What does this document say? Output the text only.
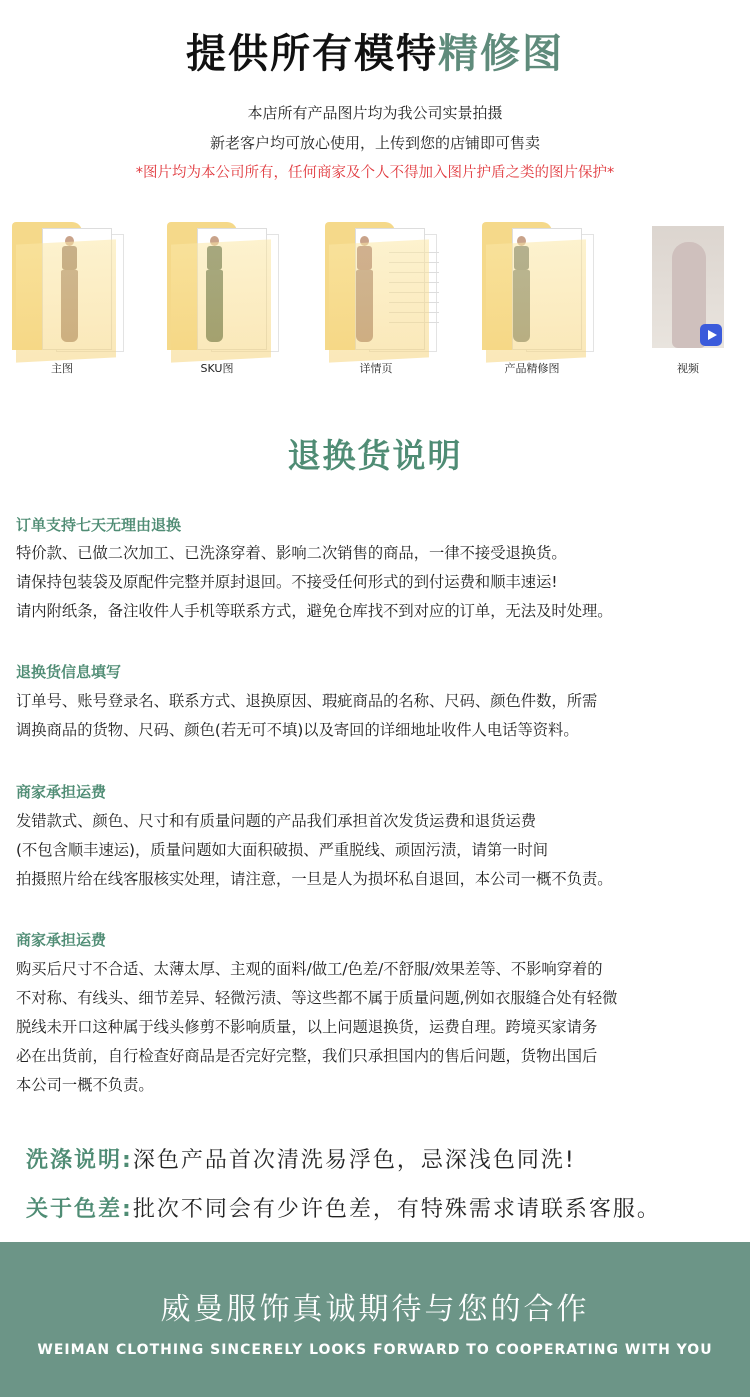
提供所有模特精修图
本店所有产品图片均为我公司实景拍摄
新老客户均可放心使用，上传到您的店铺即可售卖
*图片均为本公司所有，任何商家及个人不得加入图片护盾之类的图片保护*
主图	SKU图	详情页	产品精修图	视频
退换货说明
订单支持七天无理由退换
特价款、已做二次加工、已洗涤穿着、影响二次销售的商品，一律不接受退换货。
请保持包装袋及原配件完整并原封退回。不接受任何形式的到付运费和顺丰速运!
请内附纸条，备注收件人手机等联系方式，避免仓库找不到对应的订单，无法及时处理。
退换货信息填写
订单号、账号登录名、联系方式、退换原因、瑕疵商品的名称、尺码、颜色件数，所需
调换商品的货物、尺码、颜色(若无可不填)以及寄回的详细地址收件人电话等资料。
商家承担运费
发错款式、颜色、尺寸和有质量问题的产品我们承担首次发货运费和退货运费
(不包含顺丰速运)，质量问题如大面积破损、严重脱线、顽固污渍，请第一时间
拍摄照片给在线客服核实处理，请注意，一旦是人为损坏私自退回，本公司一概不负责。
商家承担运费
购买后尺寸不合适、太薄太厚、主观的面料/做工/色差/不舒服/效果差等、不影响穿着的
不对称、有线头、细节差异、轻微污渍、等这些都不属于质量问题,例如衣服缝合处有轻微
脱线未开口这种属于线头修剪不影响质量，以上问题退换货，运费自理。跨境买家请务
必在出货前，自行检查好商品是否完好完整，我们只承担国内的售后问题，货物出国后
本公司一概不负责。
洗涤说明:深色产品首次清洗易浮色，忌深浅色同洗!
关于色差:批次不同会有少许色差，有特殊需求请联系客服。
威曼服饰真诚期待与您的合作
WEIMAN CLOTHING SINCERELY LOOKS FORWARD TO COOPERATING WITH YOU
